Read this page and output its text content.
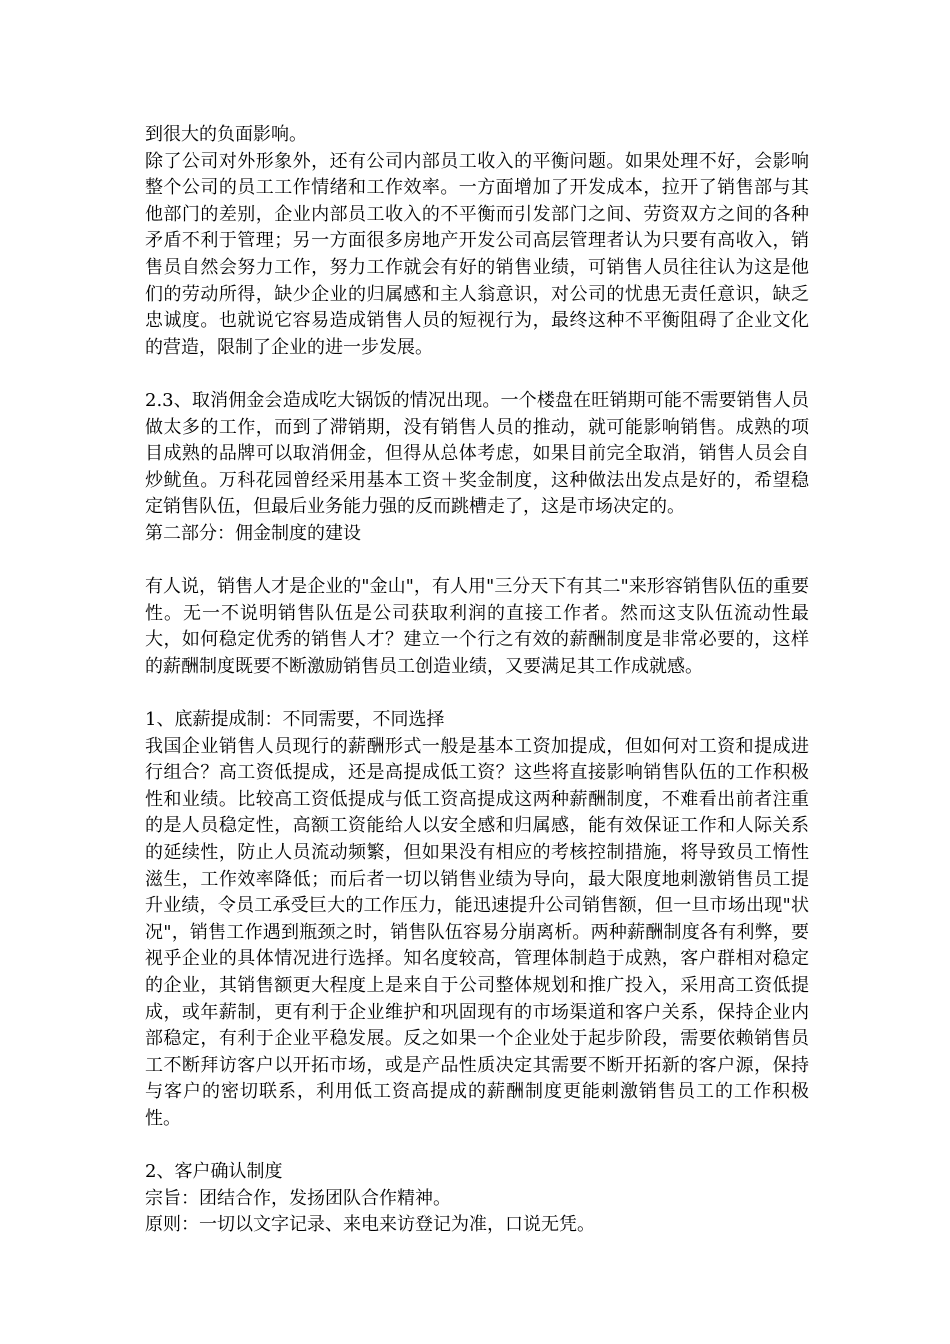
到很大的负面影响。

除了公司对外形象外，还有公司内部员工收入的平衡问题。如果处理不好，会影响整个公司的员工工作情绪和工作效率。一方面增加了开发成本，拉开了销售部与其他部门的差别，企业内部员工收入的不平衡而引发部门之间、劳资双方之间的各种矛盾不利于管理；另一方面很多房地产开发公司高层管理者认为只要有高收入，销售员自然会努力工作，努力工作就会有好的销售业绩，可销售人员往往认为这是他们的劳动所得，缺少企业的归属感和主人翁意识，对公司的忧患无责任意识，缺乏忠诚度。也就说它容易造成销售人员的短视行为，最终这种不平衡阻碍了企业文化的营造，限制了企业的进一步发展。

2.3、取消佣金会造成吃大锅饭的情况出现。一个楼盘在旺销期可能不需要销售人员做太多的工作，而到了滞销期，没有销售人员的推动，就可能影响销售。成熟的项目成熟的品牌可以取消佣金，但得从总体考虑，如果目前完全取消，销售人员会自炒鱿鱼。万科花园曾经采用基本工资＋奖金制度，这种做法出发点是好的，希望稳定销售队伍，但最后业务能力强的反而跳槽走了，这是市场决定的。

第二部分：佣金制度的建设

有人说，销售人才是企业的"金山"，有人用"三分天下有其二"来形容销售队伍的重要性。无一不说明销售队伍是公司获取利润的直接工作者。然而这支队伍流动性最大，如何稳定优秀的销售人才？建立一个行之有效的薪酬制度是非常必要的，这样的薪酬制度既要不断激励销售员工创造业绩，又要满足其工作成就感。

1、底薪提成制：不同需要，不同选择

我国企业销售人员现行的薪酬形式一般是基本工资加提成，但如何对工资和提成进行组合？高工资低提成，还是高提成低工资？这些将直接影响销售队伍的工作积极性和业绩。比较高工资低提成与低工资高提成这两种薪酬制度，不难看出前者注重的是人员稳定性，高额工资能给人以安全感和归属感，能有效保证工作和人际关系的延续性，防止人员流动频繁，但如果没有相应的考核控制措施，将导致员工惰性滋生，工作效率降低；而后者一切以销售业绩为导向，最大限度地刺激销售员工提升业绩，令员工承受巨大的工作压力，能迅速提升公司销售额，但一旦市场出现"状况"，销售工作遇到瓶颈之时，销售队伍容易分崩离析。两种薪酬制度各有利弊，要视乎企业的具体情况进行选择。知名度较高，管理体制趋于成熟，客户群相对稳定的企业，其销售额更大程度上是来自于公司整体规划和推广投入，采用高工资低提成，或年薪制，更有利于企业维护和巩固现有的市场渠道和客户关系，保持企业内部稳定，有利于企业平稳发展。反之如果一个企业处于起步阶段，需要依赖销售员工不断拜访客户以开拓市场，或是产品性质决定其需要不断开拓新的客户源，保持与客户的密切联系，利用低工资高提成的薪酬制度更能刺激销售员工的工作积极性。

2、客户确认制度

宗旨：团结合作，发扬团队合作精神。

原则：一切以文字记录、来电来访登记为准，口说无凭。
